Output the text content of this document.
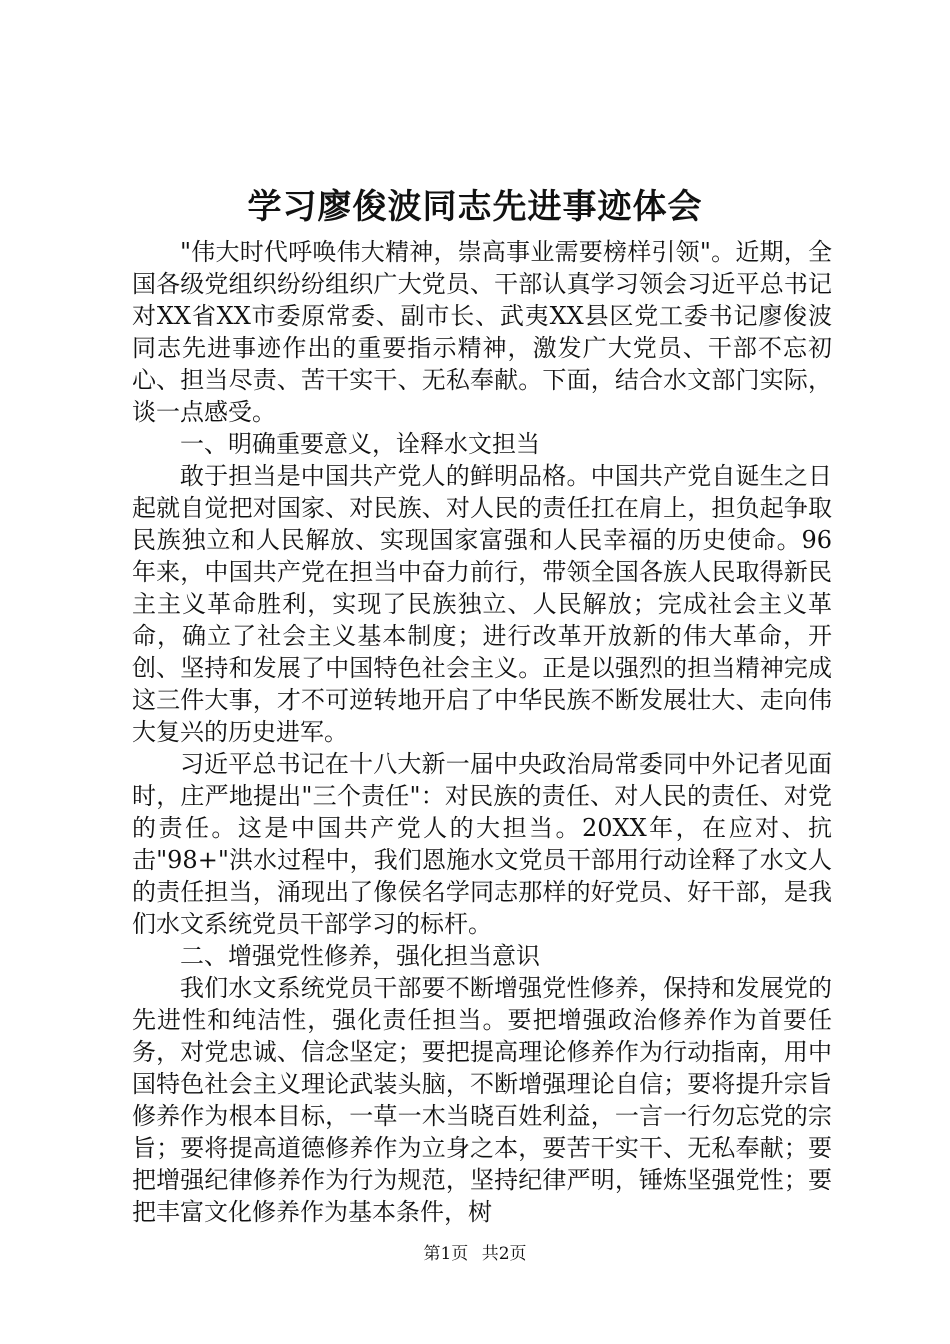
学习廖俊波同志先进事迹体会

"伟大时代呼唤伟大精神，崇高事业需要榜样引领"。近期，全国各级党组织纷纷组织广大党员、干部认真学习领会习近平总书记对XX省XX市委原常委、副市长、武夷XX县区党工委书记廖俊波同志先进事迹作出的重要指示精神，激发广大党员、干部不忘初心、担当尽责、苦干实干、无私奉献。下面，结合水文部门实际，谈一点感受。

一、明确重要意义，诠释水文担当

敢于担当是中国共产党人的鲜明品格。中国共产党自诞生之日起就自觉把对国家、对民族、对人民的责任扛在肩上，担负起争取民族独立和人民解放、实现国家富强和人民幸福的历史使命。96年来，中国共产党在担当中奋力前行，带领全国各族人民取得新民主主义革命胜利，实现了民族独立、人民解放；完成社会主义革命，确立了社会主义基本制度；进行改革开放新的伟大革命，开创、坚持和发展了中国特色社会主义。正是以强烈的担当精神完成这三件大事，才不可逆转地开启了中华民族不断发展壮大、走向伟大复兴的历史进军。

习近平总书记在十八大新一届中央政治局常委同中外记者见面时，庄严地提出"三个责任"：对民族的责任、对人民的责任、对党的责任。这是中国共产党人的大担当。20XX年，在应对、抗击"98+"洪水过程中，我们恩施水文党员干部用行动诠释了水文人的责任担当，涌现出了像侯名学同志那样的好党员、好干部，是我们水文系统党员干部学习的标杆。

二、增强党性修养，强化担当意识

我们水文系统党员干部要不断增强党性修养，保持和发展党的先进性和纯洁性，强化责任担当。要把增强政治修养作为首要任务，对党忠诚、信念坚定；要把提高理论修养作为行动指南，用中国特色社会主义理论武装头脑，不断增强理论自信；要将提升宗旨修养作为根本目标，一草一木当晓百姓利益，一言一行勿忘党的宗旨；要将提高道德修养作为立身之本，要苦干实干、无私奉献；要把增强纪律修养作为行为规范，坚持纪律严明，锤炼坚强党性；要把丰富文化修养作为基本条件，树

第1页 共2页
